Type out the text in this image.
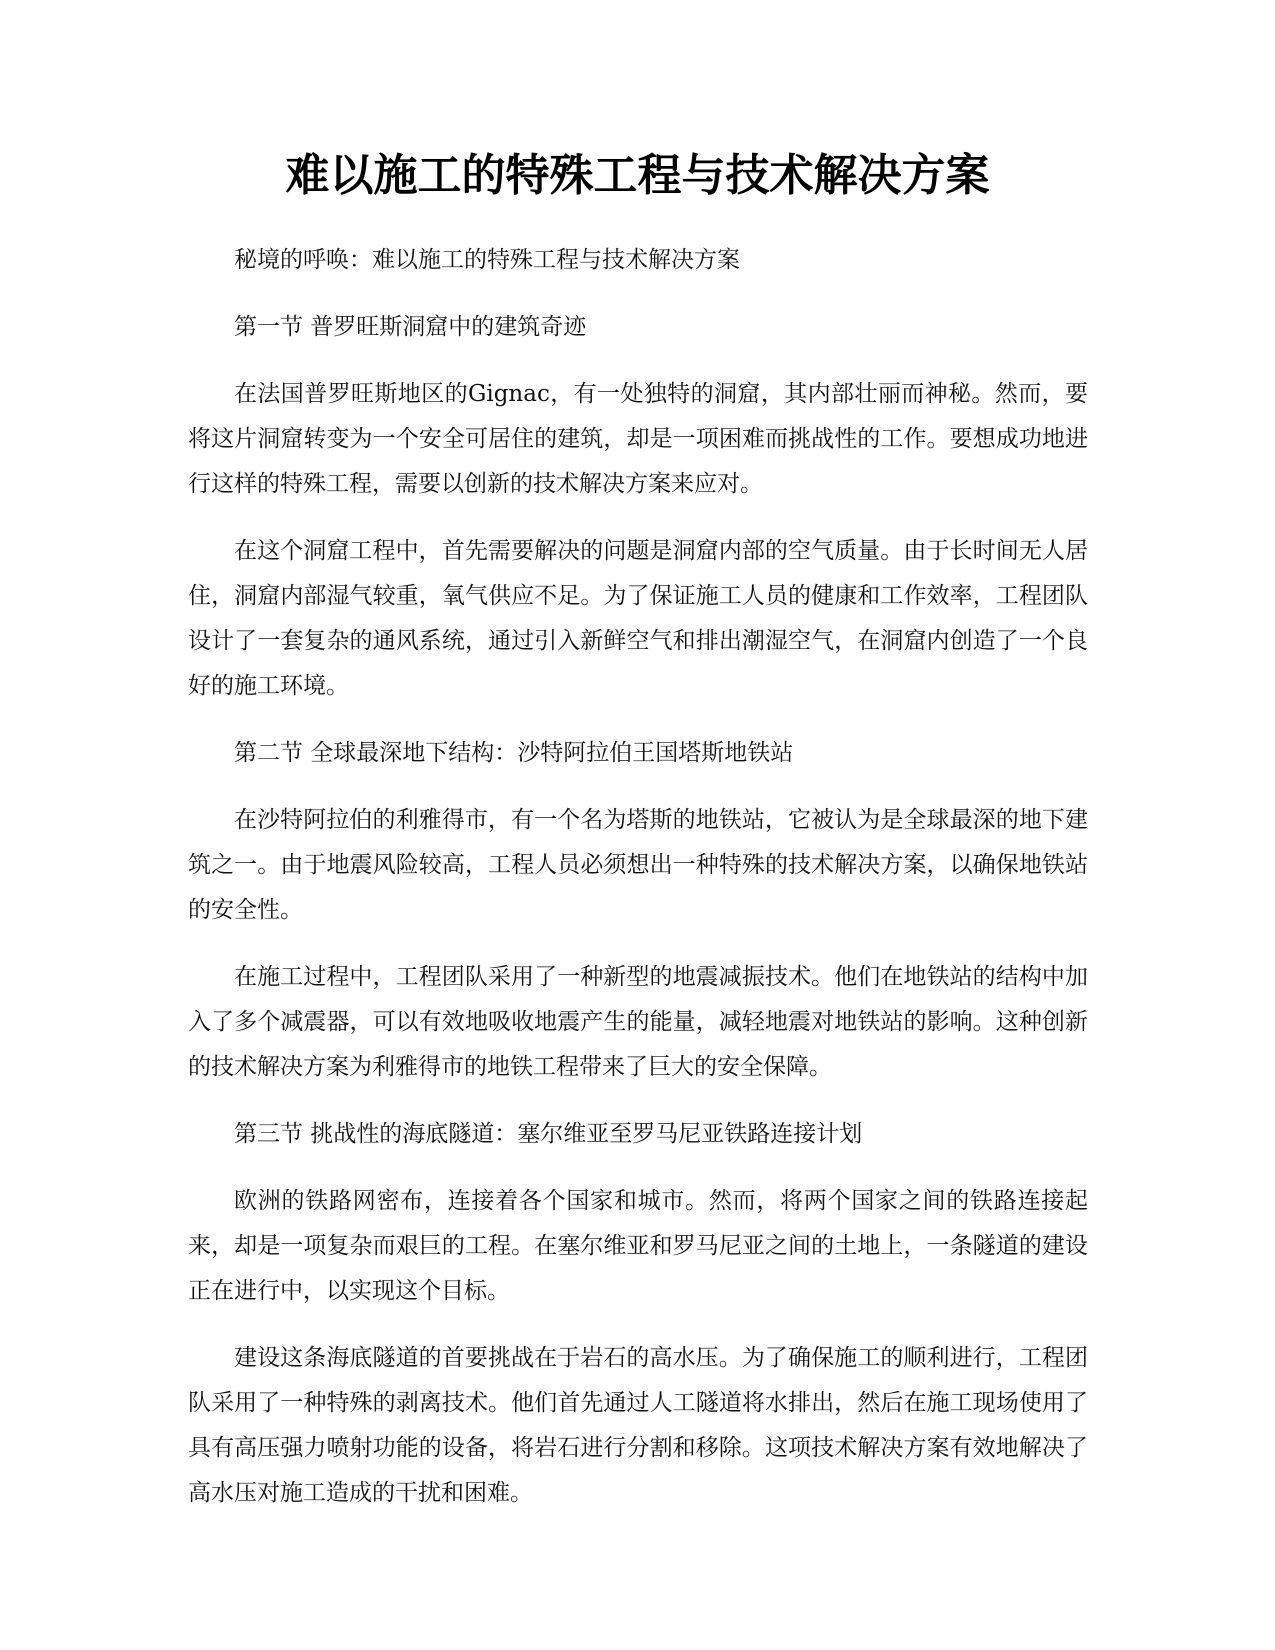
难以施工的特殊工程与技术解决方案

秘境的呼唤：难以施工的特殊工程与技术解决方案

第一节 普罗旺斯洞窟中的建筑奇迹

在法国普罗旺斯地区的Gignac，有一处独特的洞窟，其内部壮丽而神秘。然而，要将这片洞窟转变为一个安全可居住的建筑，却是一项困难而挑战性的工作。要想成功地进行这样的特殊工程，需要以创新的技术解决方案来应对。

在这个洞窟工程中，首先需要解决的问题是洞窟内部的空气质量。由于长时间无人居住，洞窟内部湿气较重，氧气供应不足。为了保证施工人员的健康和工作效率，工程团队设计了一套复杂的通风系统，通过引入新鲜空气和排出潮湿空气，在洞窟内创造了一个良好的施工环境。

第二节 全球最深地下结构：沙特阿拉伯王国塔斯地铁站

在沙特阿拉伯的利雅得市，有一个名为塔斯的地铁站，它被认为是全球最深的地下建筑之一。由于地震风险较高，工程人员必须想出一种特殊的技术解决方案，以确保地铁站的安全性。

在施工过程中，工程团队采用了一种新型的地震减振技术。他们在地铁站的结构中加入了多个减震器，可以有效地吸收地震产生的能量，减轻地震对地铁站的影响。这种创新的技术解决方案为利雅得市的地铁工程带来了巨大的安全保障。

第三节 挑战性的海底隧道：塞尔维亚至罗马尼亚铁路连接计划

欧洲的铁路网密布，连接着各个国家和城市。然而，将两个国家之间的铁路连接起来，却是一项复杂而艰巨的工程。在塞尔维亚和罗马尼亚之间的土地上，一条隧道的建设正在进行中，以实现这个目标。

建设这条海底隧道的首要挑战在于岩石的高水压。为了确保施工的顺利进行，工程团队采用了一种特殊的剥离技术。他们首先通过人工隧道将水排出，然后在施工现场使用了具有高压强力喷射功能的设备，将岩石进行分割和移除。这项技术解决方案有效地解决了高水压对施工造成的干扰和困难。
